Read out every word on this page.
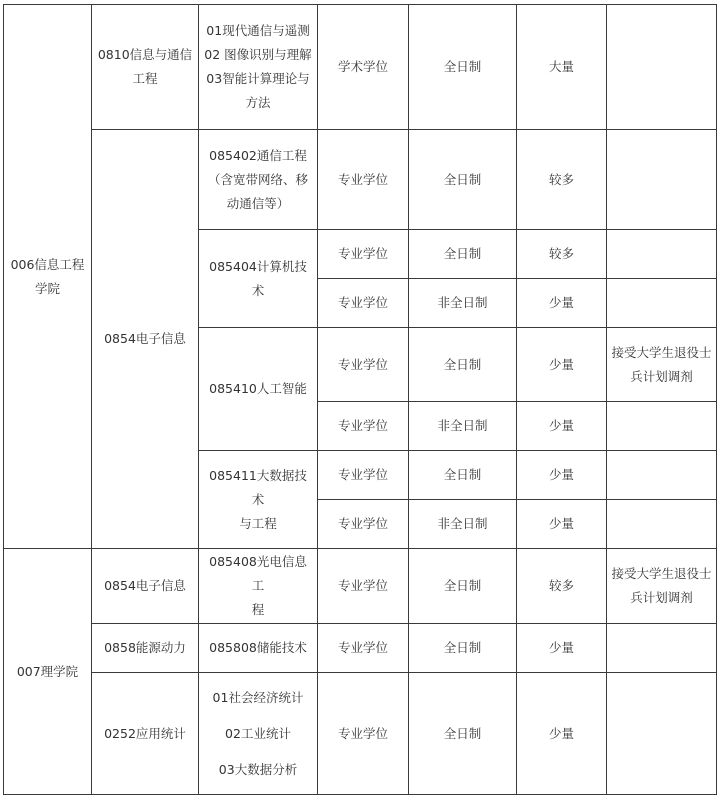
006信息工程
学院	0810信息与通信
工程	01现代通信与遥测
02 图像识别与理解
03智能计算理论与
方法	学术学位	全日制	大量	

	0854电子信息	085402通信工程
（含宽带网络、移
动通信等）	专业学位	全日制	较多	

		085404计算机技术	专业学位	全日制	较多	

			专业学位	非全日制	少量	

		085410人工智能	专业学位	全日制	少量	接受大学生退役士
兵计划调剂

			专业学位	非全日制	少量	

		085411大数据技术
与工程	专业学位	全日制	少量	

			专业学位	非全日制	少量	

007理学院	0854电子信息	085408光电信息工
程	专业学位	全日制	较多	接受大学生退役士
兵计划调剂

	0858能源动力	085808储能技术	专业学位	全日制	少量	

	0252应用统计	01社会经济统计
02工业统计
03大数据分析	专业学位	全日制	少量	
